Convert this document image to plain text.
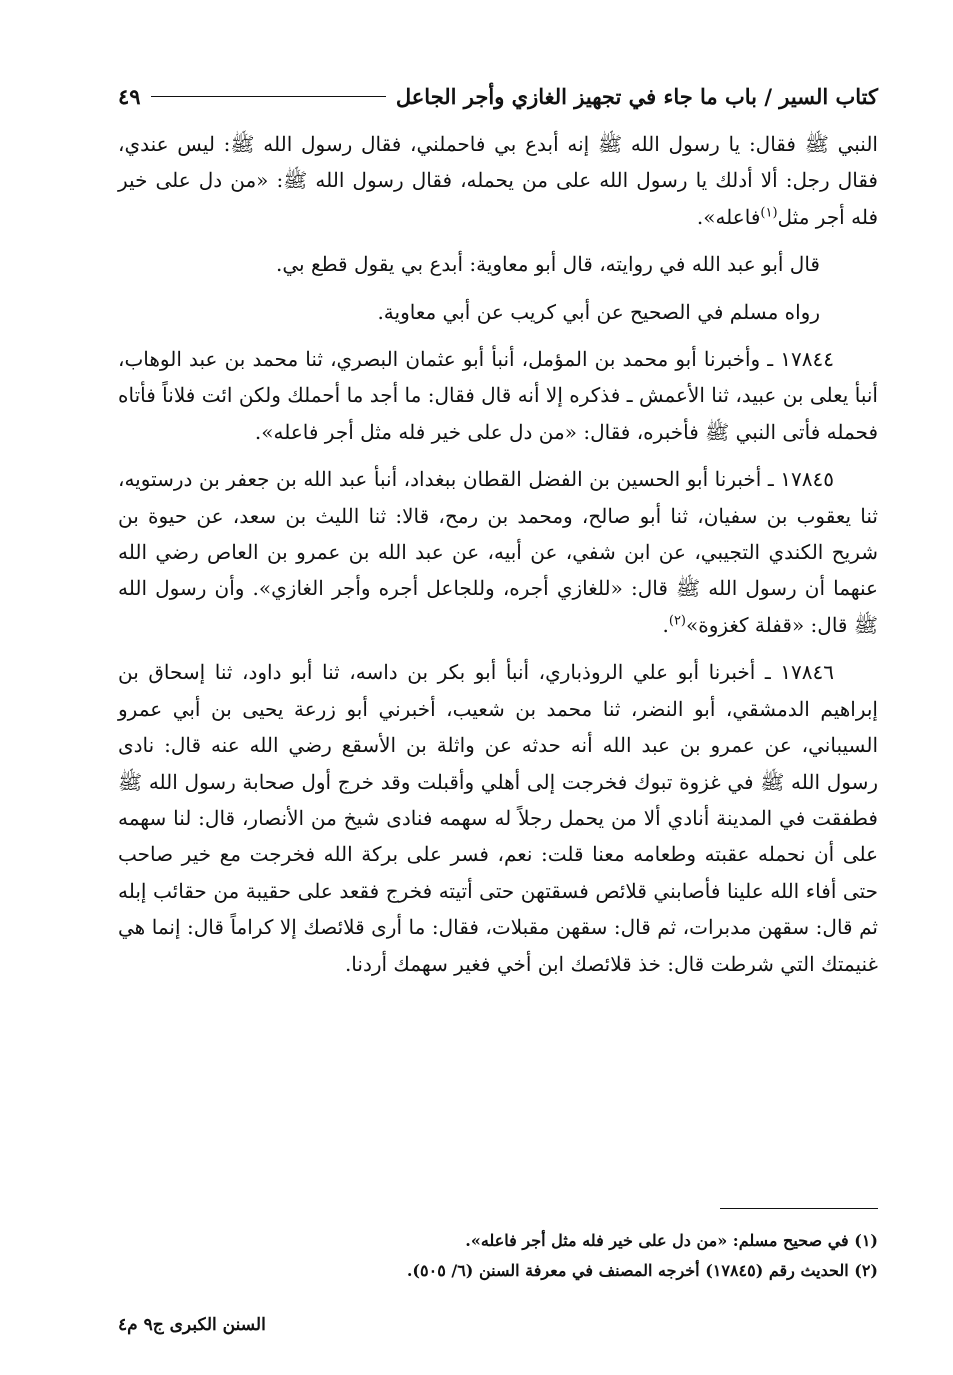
كتاب السير / باب ما جاء في تجهيز الغازي وأجر الجاعل
٤٩

النبي ﷺ فقال: يا رسول الله ﷺ إنه أبدع بي فاحملني، فقال رسول الله ﷺ: ليس عندي، فقال رجل: ألا أدلك يا رسول الله على من يحمله، فقال رسول الله ﷺ: «من دل على خير فله أجر مثل$^{(١)}$فاعله».

قال أبو عبد الله في روايته، قال أبو معاوية: أبدع بي يقول قطع بي.

رواه مسلم في الصحيح عن أبي كريب عن أبي معاوية.

١٧٨٤٤ ـ وأخبرنا أبو محمد بن المؤمل، أنبأ أبو عثمان البصري، ثنا محمد بن عبد الوهاب، أنبأ يعلى بن عبيد، ثنا الأعمش ـ فذكره إلا أنه قال فقال: ما أجد ما أحملك ولكن ائت فلاناً فأتاه فحمله فأتى النبي ﷺ فأخبره، فقال: «من دل على خير فله مثل أجر فاعله».

١٧٨٤٥ ـ أخبرنا أبو الحسين بن الفضل القطان ببغداد، أنبأ عبد الله بن جعفر بن درستويه، ثنا يعقوب بن سفيان، ثنا أبو صالح، ومحمد بن رمح، قالا: ثنا الليث بن سعد، عن حيوة بن شريح الكندي التجيبي، عن ابن شفي، عن أبيه، عن عبد الله بن عمرو بن العاص رضي الله عنهما أن رسول الله ﷺ قال: «للغازي أجره، وللجاعل أجره وأجر الغازي». وأن رسول الله ﷺ قال: «قفلة كغزوة»$^{(٢)}$.

١٧٨٤٦ ـ أخبرنا أبو علي الروذباري، أنبأ أبو بكر بن داسه، ثنا أبو داود، ثنا إسحاق بن إبراهيم الدمشقي، أبو النضر، ثنا محمد بن شعيب، أخبرني أبو زرعة يحيى بن أبي عمرو السيباني، عن عمرو بن عبد الله أنه حدثه عن واثلة بن الأسقع رضي الله عنه قال: نادى رسول الله ﷺ في غزوة تبوك فخرجت إلى أهلي وأقبلت وقد خرج أول صحابة رسول الله ﷺ فطفقت في المدينة أنادي ألا من يحمل رجلاً له سهمه فنادى شيخ من الأنصار، قال: لنا سهمه على أن نحمله عقبته وطعامه معنا قلت: نعم، فسر على بركة الله فخرجت مع خير صاحب حتى أفاء الله علينا فأصابني قلائص فسقتهن حتى أتيته فخرج فقعد على حقيبة من حقائب إبله ثم قال: سقهن مدبرات، ثم قال: سقهن مقبلات، فقال: ما أرى قلائصك إلا كراماً قال: إنما هي غنيمتك التي شرطت قال: خذ قلائصك ابن أخي فغير سهمك أردنا.

(١) في صحيح مسلم: «من دل على خير فله مثل أجر فاعله».

(٢) الحديث رقم (١٧٨٤٥) أخرجه المصنف في معرفة السنن (٦/ ٥٠٥).

السنن الكبرى ج٩ م٤
